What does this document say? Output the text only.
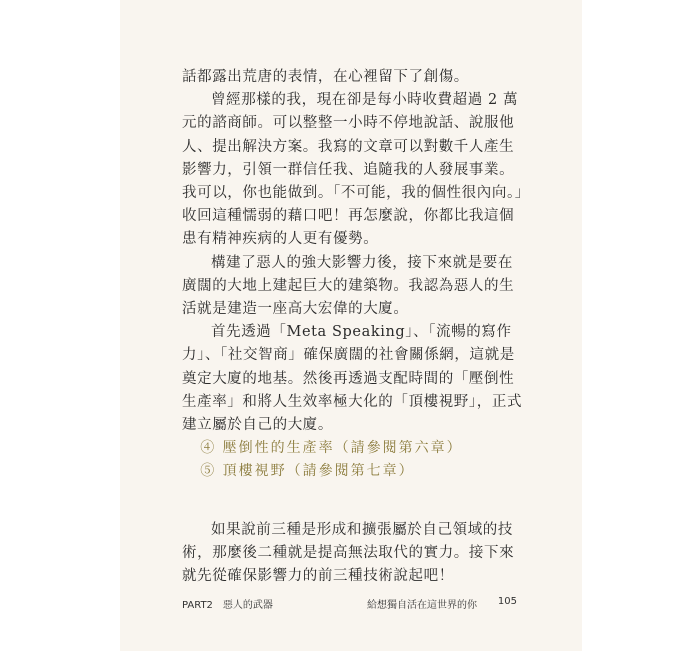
話都露出荒唐的表情，在心裡留下了創傷。

曾經那樣的我，現在卻是每小時收費超過 2 萬元的諮商師。可以整整一小時不停地說話、說服他人、提出解決方案。我寫的文章可以對數千人產生影響力，引領一群信任我、追隨我的人發展事業。我可以，你也能做到。「不可能，我的個性很內向。」收回這種懦弱的藉口吧！再怎麼說，你都比我這個患有精神疾病的人更有優勢。

構建了惡人的強大影響力後，接下來就是要在廣闊的大地上建起巨大的建築物。我認為惡人的生活就是建造一座高大宏偉的大廈。

首先透過「Meta Speaking」、「流暢的寫作力」、「社交智商」確保廣闊的社會關係網，這就是奠定大廈的地基。然後再透過支配時間的「壓倒性生產率」和將人生效率極大化的「頂樓視野」，正式建立屬於自己的大廈。

④ 壓倒性的生產率（請參閱第六章）
⑤ 頂樓視野（請參閱第七章）

如果說前三種是形成和擴張屬於自己領域的技術，那麼後二種就是提高無法取代的實力。接下來就先從確保影響力的前三種技術說起吧！

PART2　惡人的武器	給想獨自活在這世界的你 105
